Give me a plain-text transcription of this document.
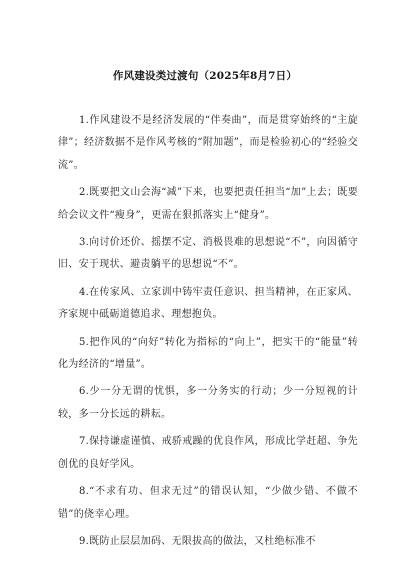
作风建设类过渡句（2025年8月7日）

1.作风建设不是经济发展的“伴奏曲”，而是贯穿始终的“主旋律”；经济数据不是作风考核的“附加题”，而是检验初心的“经验交流”。

2.既要把文山会海“减”下来，也要把责任担当“加”上去；既要给会议文件“瘦身”，更需在狠抓落实上“健身”。

3.向讨价还价、摇摆不定、消极畏难的思想说“不”，向因循守旧、安于现状、避责躺平的思想说“不”。

4.在传家风、立家训中铸牢责任意识、担当精神，在正家风、齐家规中砥砺道德追求、理想抱负。

5.把作风的“向好”转化为指标的“向上”，把实干的“能量”转化为经济的“增量”。

6.少一分无谓的忧惧，多一分务实的行动；少一分短视的计较，多一分长远的耕耘。

7.保持谦虚谨慎、戒骄戒躁的优良作风，形成比学赶超、争先创优的良好学风。

8.“不求有功、但求无过”的错误认知，“少做少错、不做不错”的侥幸心理。

9.既防止层层加码、无限拔高的做法，又杜绝标准不
